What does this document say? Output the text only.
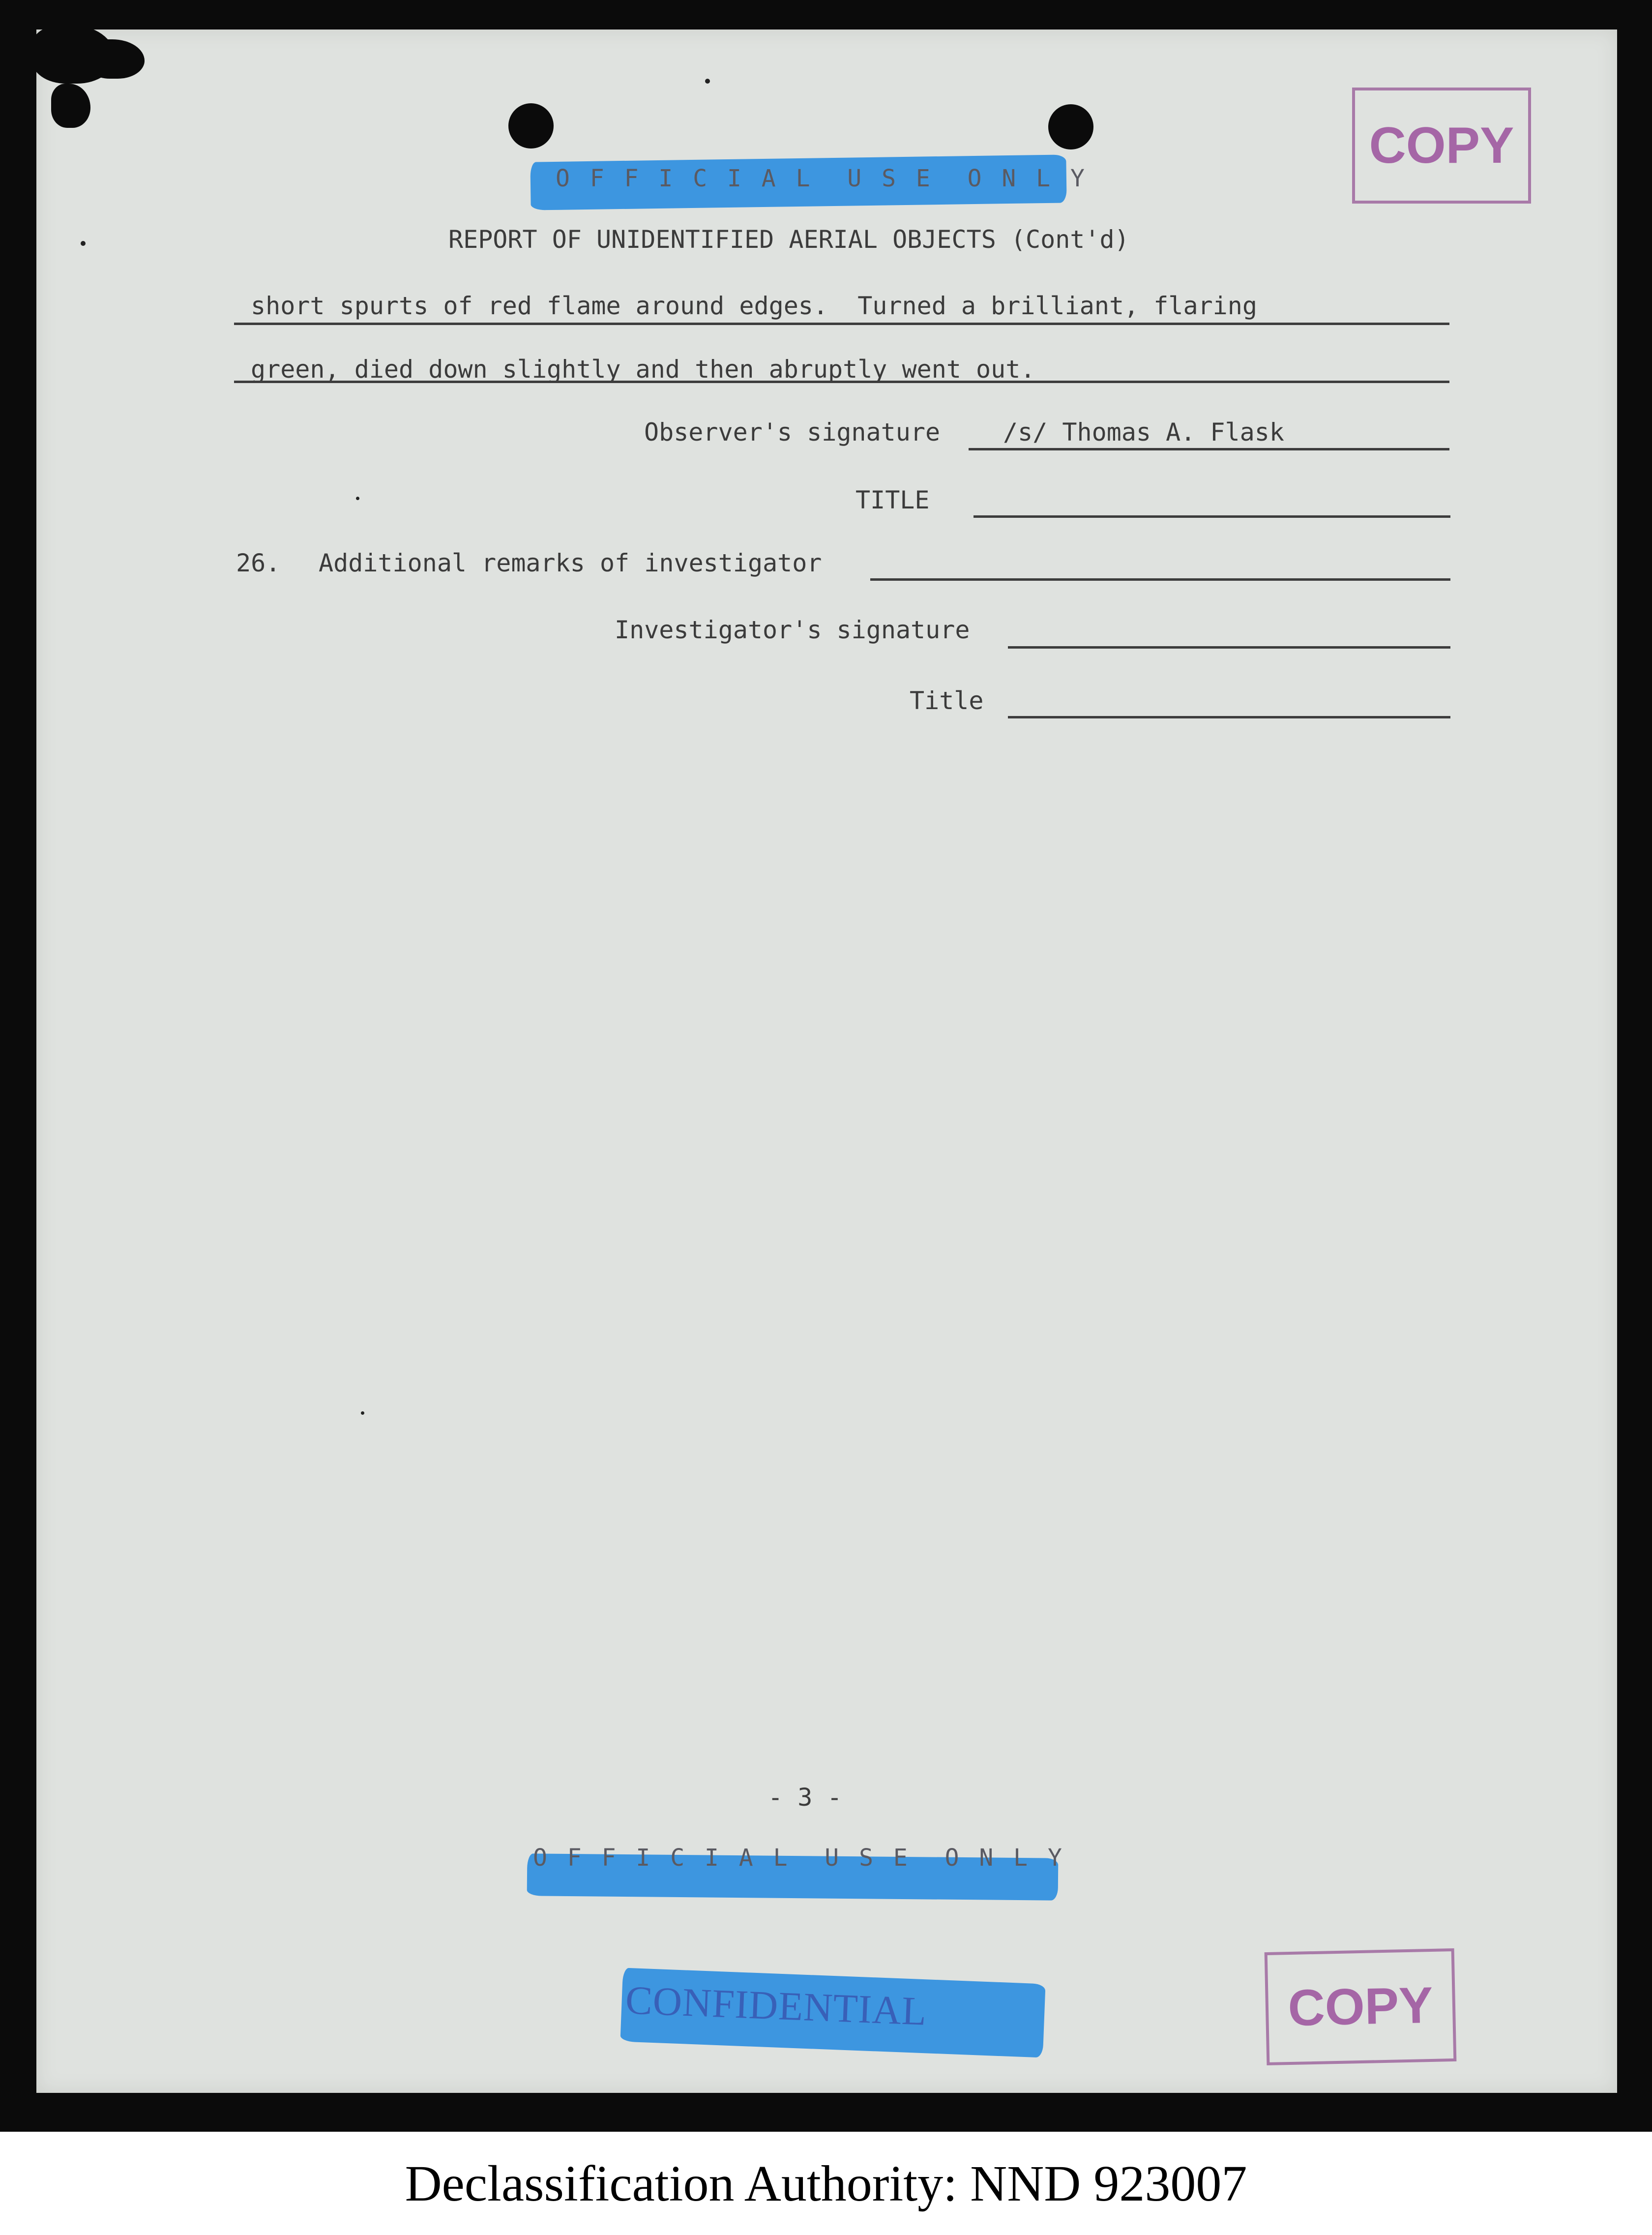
O F F I C I A L  U S E  O N L Y
COPY
REPORT OF UNIDENTIFIED AERIAL OBJECTS (Cont'd)
short spurts of red flame around edges.  Turned a brilliant, flaring
green, died down slightly and then abruptly went out.
Observer's signature	/s/ Thomas A. Flask
TITLE
26. Additional remarks of investigator
Investigator's signature
Title
- 3 -
O F F I C I A L  U S E  O N L Y
CONFIDENTIAL	COPY
Declassification Authority: NND 923007
